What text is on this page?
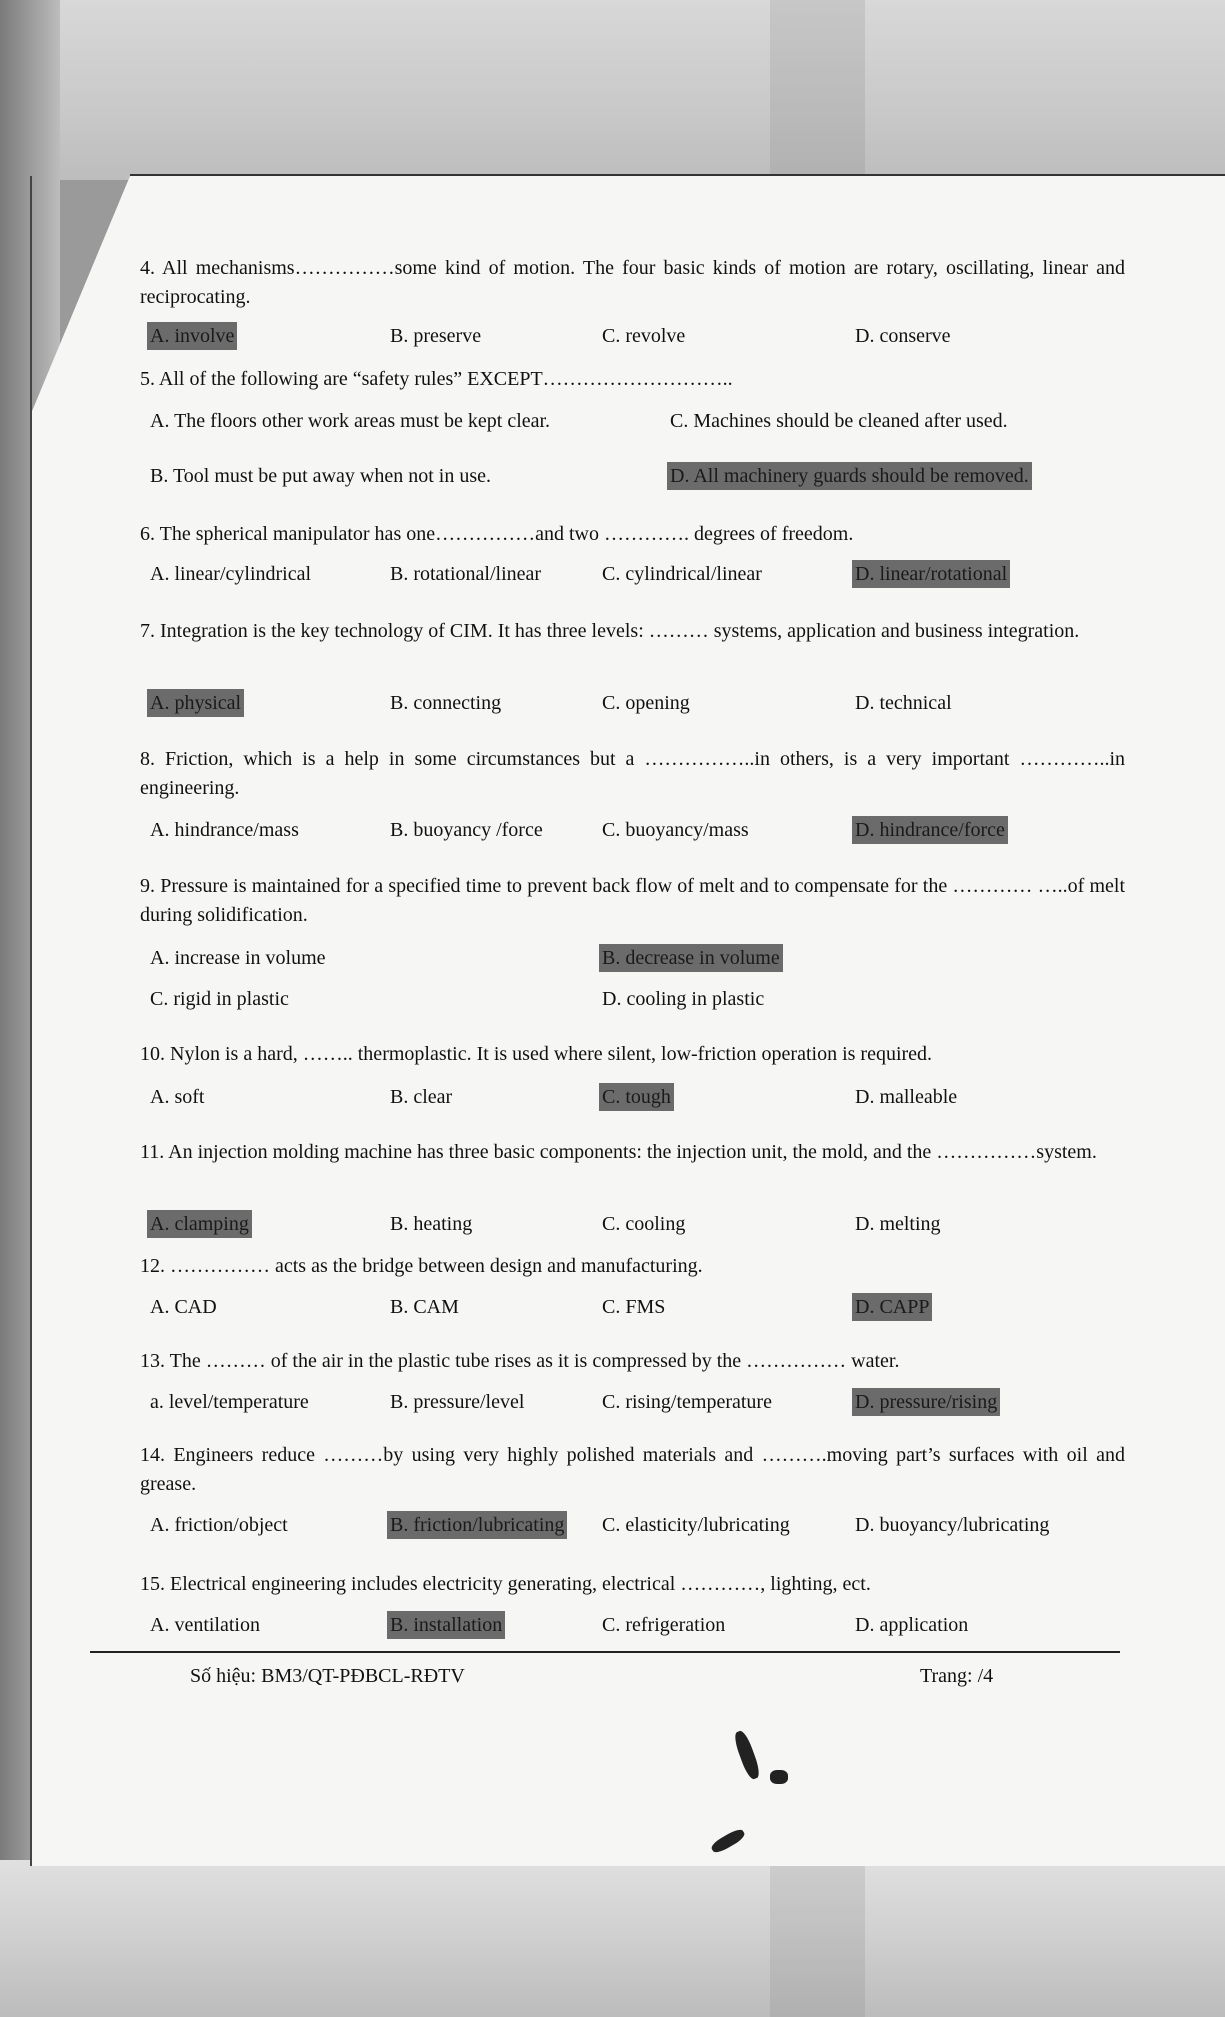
4. All mechanisms……………some kind of motion. The four basic kinds of motion are rotary, oscillating, linear and reciprocating.
A. involve	B. preserve	C. revolve	D. conserve
5. All of the following are “safety rules” EXCEPT………………………..
A. The floors other work areas must be kept clear.	C. Machines should be cleaned after used.
B. Tool must be put away when not in use.	D. All machinery guards should be removed.
6. The spherical manipulator has one……………and two …………. degrees of freedom.
A. linear/cylindrical	B. rotational/linear	C. cylindrical/linear	D. linear/rotational
7. Integration is the key technology of CIM. It has three levels: ……… systems, application and business integration.
A. physical	B. connecting	C. opening	D. technical
8. Friction, which is a help in some circumstances but a ……………..in others, is a very important …………..in engineering.
A. hindrance/mass	B. buoyancy /force	C. buoyancy/mass	D. hindrance/force
9. Pressure is maintained for a specified time to prevent back flow of melt and to compensate for the ………… …..of melt during solidification.
A. increase in volume	B. decrease in volume
C. rigid in plastic	D. cooling in plastic
10. Nylon is a hard, …….. thermoplastic. It is used where silent, low-friction operation is required.
A. soft	B. clear	C. tough	D. malleable
11. An injection molding machine has three basic components: the injection unit, the mold, and the ……………system.
A. clamping	B. heating	C. cooling	D. melting
12. …………… acts as the bridge between design and manufacturing.
A. CAD	B. CAM	C. FMS	D. CAPP
13. The ……… of the air in the plastic tube rises as it is compressed by the …………… water.
a. level/temperature	B. pressure/level	C. rising/temperature	D. pressure/rising
14. Engineers reduce ………by using very highly polished materials and ……….moving part’s surfaces with oil and grease.
A. friction/object	B. friction/lubricating C. elasticity/lubricating	D. buoyancy/lubricating
15. Electrical engineering includes electricity generating, electrical …………, lighting, ect.
A. ventilation	B. installation	C. refrigeration	D. application
Số hiệu: BM3/QT-PĐBCL-RĐTV	Trang: /4
